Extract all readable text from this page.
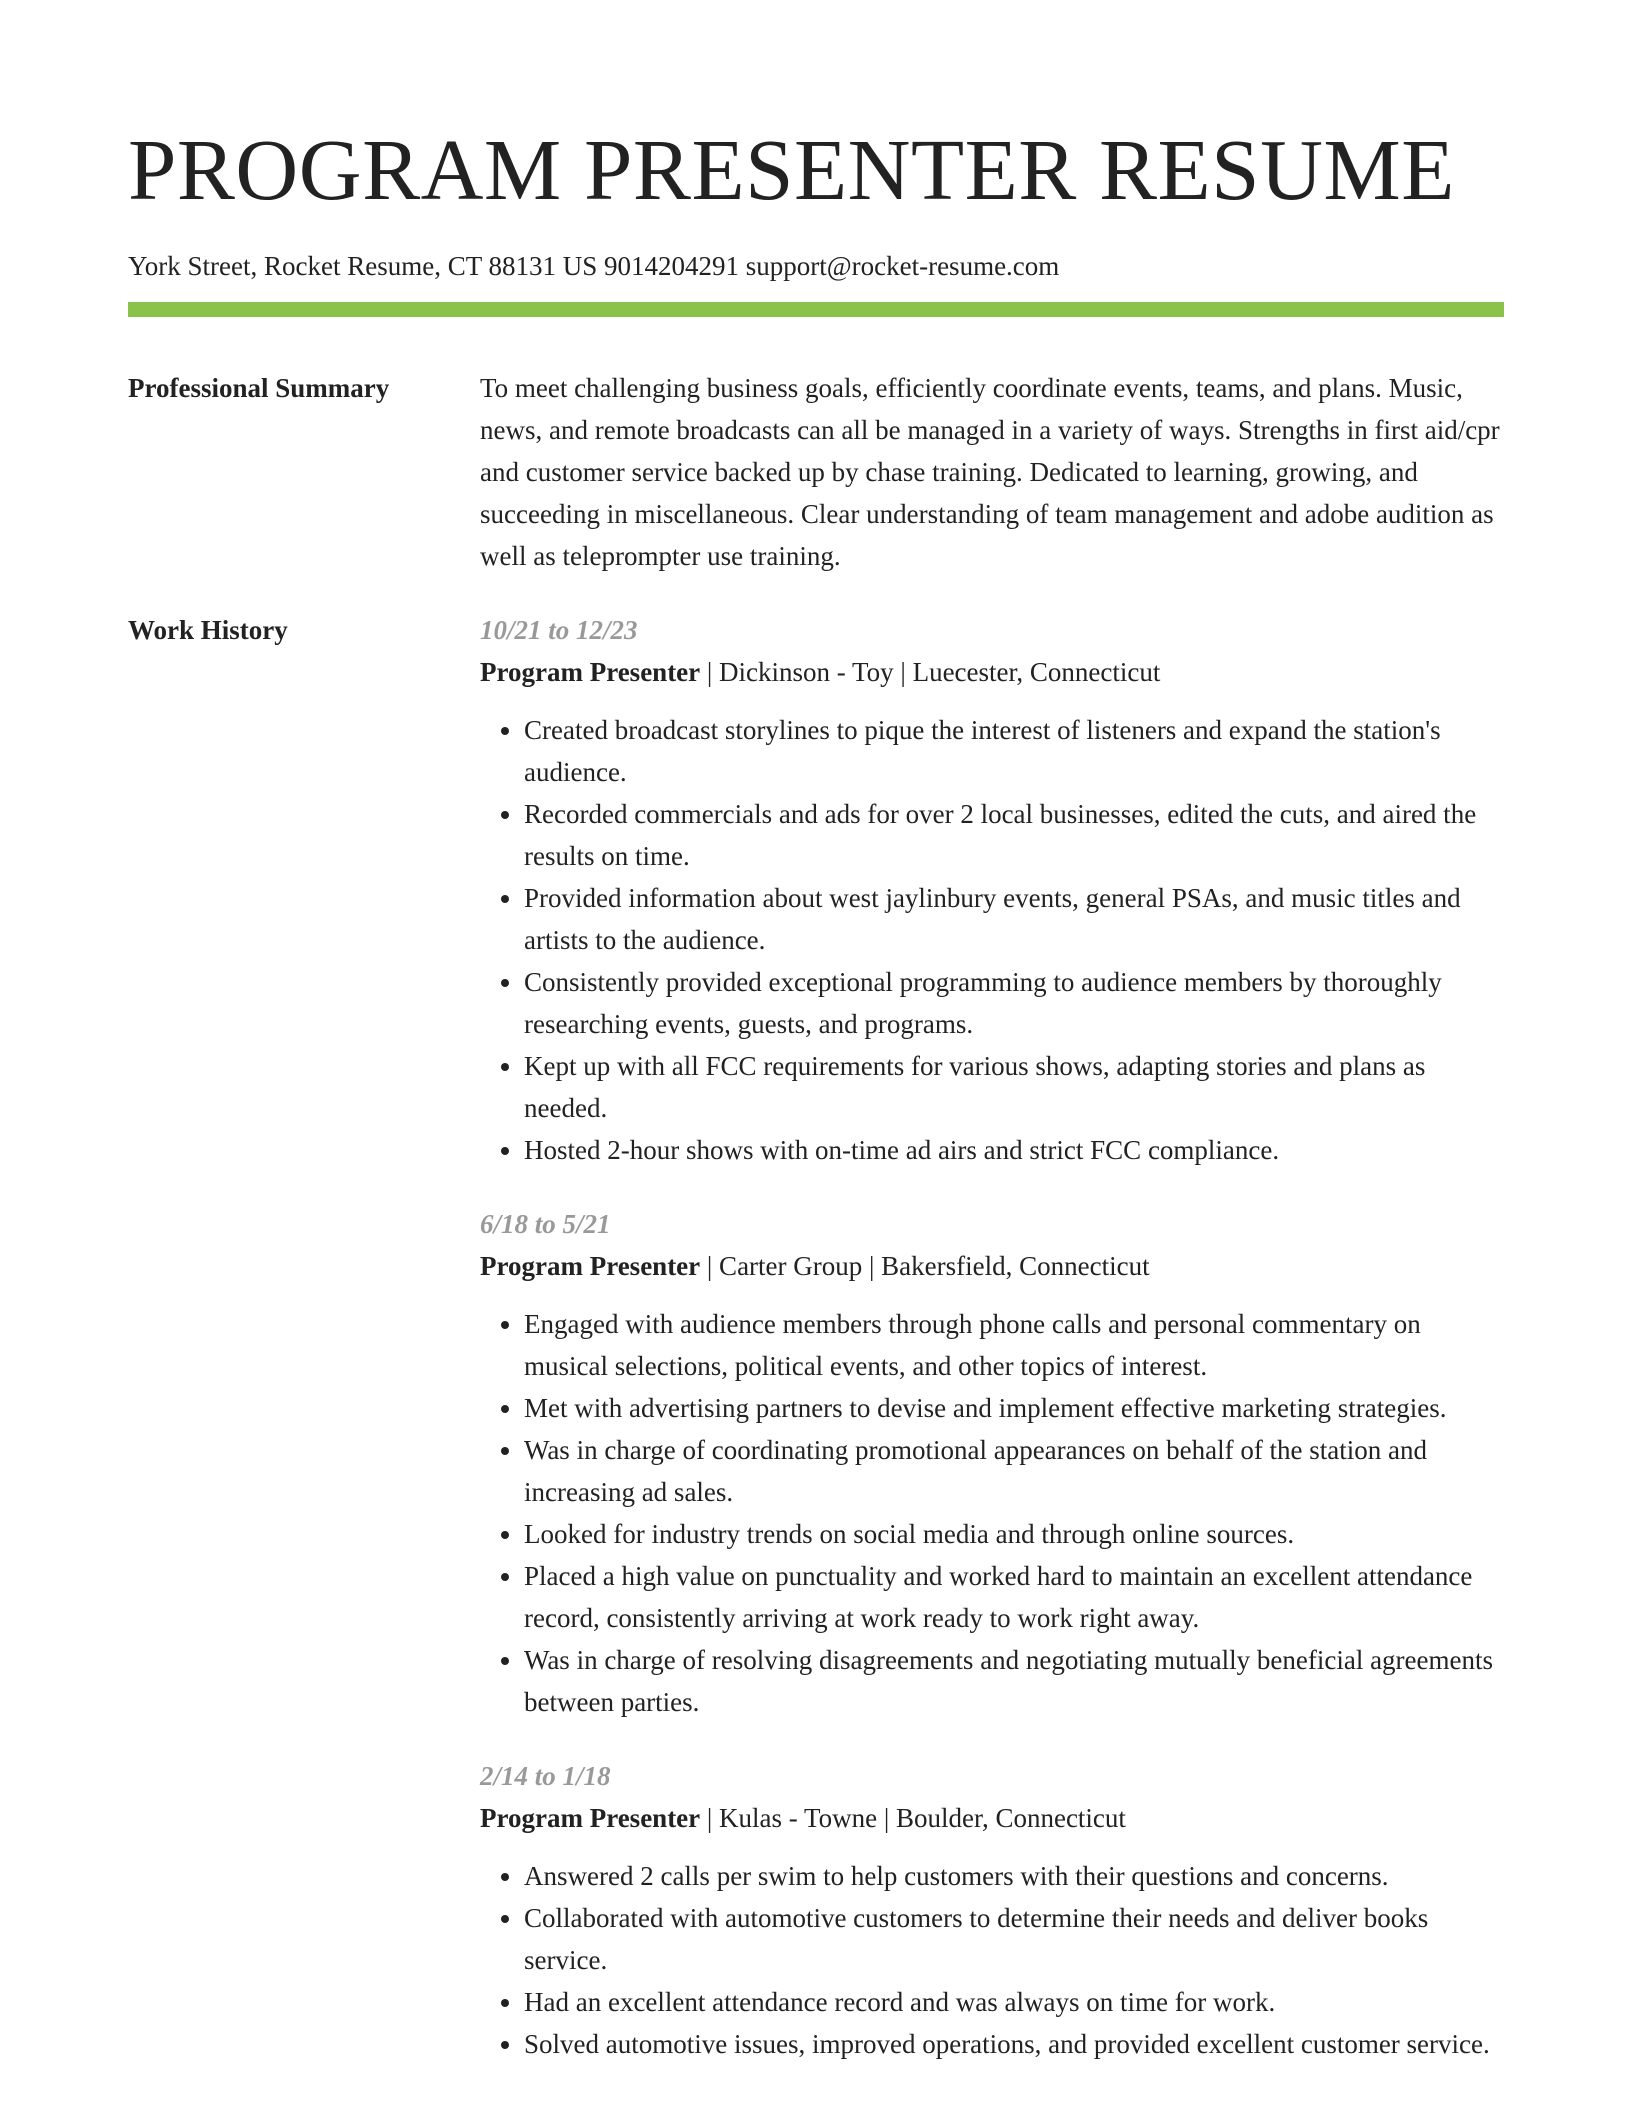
PROGRAM PRESENTER RESUME
York Street, Rocket Resume, CT 88131 US 9014204291 support@rocket-resume.com
Professional Summary	To meet challenging business goals, efficiently coordinate events, teams, and plans. Music, news, and remote broadcasts can all be managed in a variety of ways. Strengths in first aid/cpr and customer service backed up by chase training. Dedicated to learning, growing, and succeeding in miscellaneous. Clear understanding of team management and adobe audition as well as teleprompter use training.
Work History	10/21 to 12/23
Program Presenter | Dickinson - Toy | Luecester, Connecticut
• Created broadcast storylines to pique the interest of listeners and expand the station's audience.
• Recorded commercials and ads for over 2 local businesses, edited the cuts, and aired the results on time.
• Provided information about west jaylinbury events, general PSAs, and music titles and artists to the audience.
• Consistently provided exceptional programming to audience members by thoroughly researching events, guests, and programs.
• Kept up with all FCC requirements for various shows, adapting stories and plans as needed.
• Hosted 2-hour shows with on-time ad airs and strict FCC compliance.
6/18 to 5/21
Program Presenter | Carter Group | Bakersfield, Connecticut
• Engaged with audience members through phone calls and personal commentary on musical selections, political events, and other topics of interest.
• Met with advertising partners to devise and implement effective marketing strategies.
• Was in charge of coordinating promotional appearances on behalf of the station and increasing ad sales.
• Looked for industry trends on social media and through online sources.
• Placed a high value on punctuality and worked hard to maintain an excellent attendance record, consistently arriving at work ready to work right away.
• Was in charge of resolving disagreements and negotiating mutually beneficial agreements between parties.
2/14 to 1/18
Program Presenter | Kulas - Towne | Boulder, Connecticut
• Answered 2 calls per swim to help customers with their questions and concerns.
• Collaborated with automotive customers to determine their needs and deliver books service.
• Had an excellent attendance record and was always on time for work.
• Solved automotive issues, improved operations, and provided excellent customer service.
